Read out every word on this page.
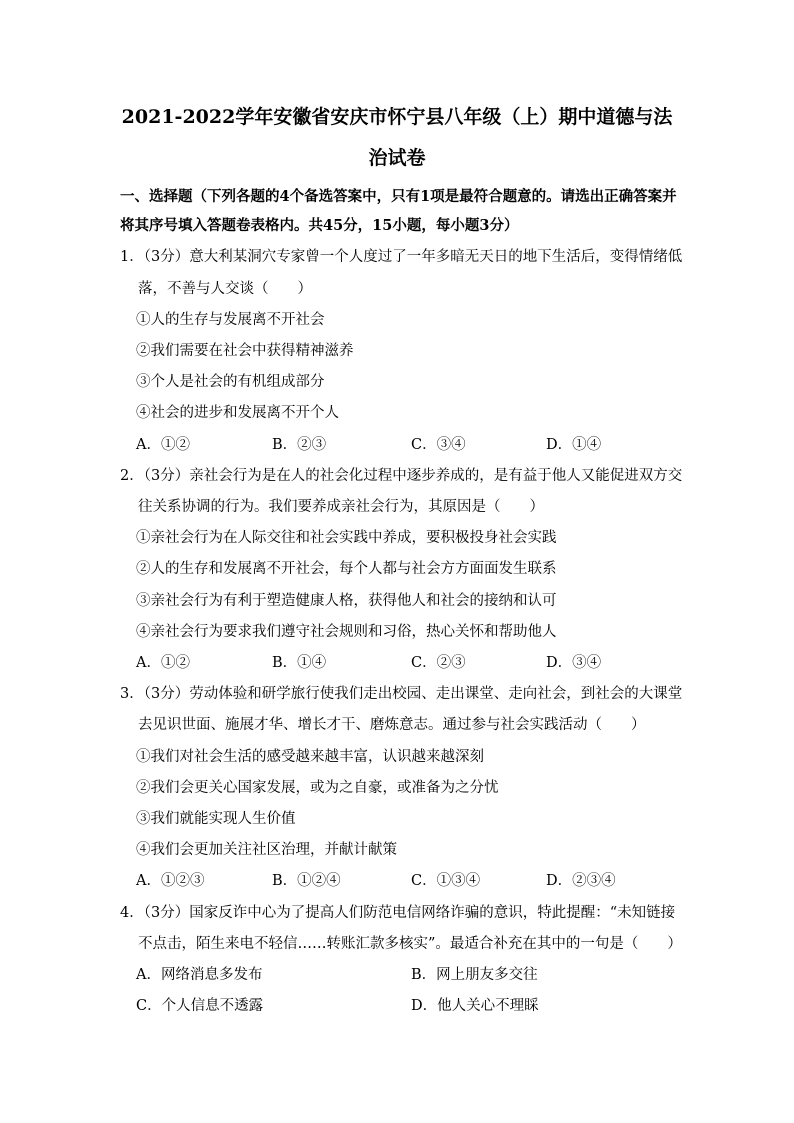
2021-2022学年安徽省安庆市怀宁县八年级（上）期中道德与法
治试卷
一、选择题（下列各题的4个备选答案中，只有1项是最符合题意的。请选出正确答案并
将其序号填入答题卷表格内。共45分，15小题，每小题3分）
1．（3分）意大利某洞穴专家曾一个人度过了一年多暗无天日的地下生活后，变得情绪低
落，不善与人交谈（　　）
①人的生存与发展离不开社会
②我们需要在社会中获得精神滋养
③个人是社会的有机组成部分
④社会的进步和发展离不开个人
A．①②	B．②③	C．③④	D．①④
2．（3分）亲社会行为是在人的社会化过程中逐步养成的，是有益于他人又能促进双方交
往关系协调的行为。我们要养成亲社会行为，其原因是（　　）
①亲社会行为在人际交往和社会实践中养成，要积极投身社会实践
②人的生存和发展离不开社会，每个人都与社会方方面面发生联系
③亲社会行为有利于塑造健康人格，获得他人和社会的接纳和认可
④亲社会行为要求我们遵守社会规则和习俗，热心关怀和帮助他人
A．①②	B．①④	C．②③	D．③④
3．（3分）劳动体验和研学旅行使我们走出校园、走出课堂、走向社会，到社会的大课堂
去见识世面、施展才华、增长才干、磨炼意志。通过参与社会实践活动（　　）
①我们对社会生活的感受越来越丰富，认识越来越深刻
②我们会更关心国家发展，或为之自豪，或准备为之分忧
③我们就能实现人生价值
④我们会更加关注社区治理，并献计献策
A．①②③	B．①②④	C．①③④	D．②③④
4．（3分）国家反诈中心为了提高人们防范电信网络诈骗的意识，特此提醒：“未知链接
不点击，陌生来电不轻信……转账汇款多核实”。最适合补充在其中的一句是（　　）
A．网络消息多发布	B．网上朋友多交往
C．个人信息不透露	D．他人关心不理睬
